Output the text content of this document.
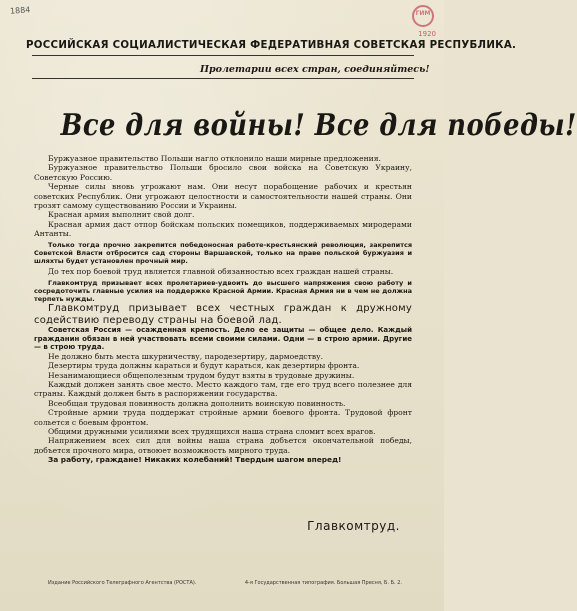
1884	ГИМ
1920
РОССИЙСКАЯ СОЦИАЛИСТИЧЕСКАЯ ФЕДЕРАТИВНАЯ СОВЕТСКАЯ РЕСПУБЛИКА.
Пролетарии всех стран, соединяйтесь!
Все для войны! Все для победы!

Буржуазное правительство Польши нагло отклонило наши мирные предложения.

Буржуазное правительство Польши бросило свои войска на Советскую Украину, Советскую Россию.

Черные силы вновь угрожают нам. Они несут порабощение рабочих и крестьян советских Республик. Они угрожают целостности и самостоятельности нашей страны. Они грозят самому существованию России и Украины.

Красная армия выполнит свой долг.

Красная армия даст отпор бойскам польских помещиков, поддерживаемых миродерами Антанты.

Только тогда прочно закрепится победоносная работе-крестьянский революция, закрепится Советской Власти отбросится сад стороны Варшавской, только на праве польской буржуазия и шляхты будет установлен прочный мир.

До тех пор боевой труд является главной обязанностью всех граждан нашей страны.

Главкомтруд призывает всех пролетариев-удвоить до высшего напряжения свою работу и сосредоточить главные усилия на поддержке Красной Армии. Красная Армия ни в чем не должна терпеть нужды.

Главкомтруд призывает всех честных граждан к дружному содействию переводу страны на боевой лад.

Советская Россия — осажденная крепость. Дело ее защиты — общее дело. Каждый гражданин обязан в ней участвовать всеми своими силами. Одни — в строю армии. Другие — в строю труда.

Не должно быть места шкурничеству, пародезертиру, дармоедству.

Дезертиры труда должны караться и будут караться, как дезертиры фронта.

Незанимающиеся общеполезным трудом будут взяты в трудовые дружины.

Каждый должен занять свое место. Место каждого там, где его труд всего полезнее для страны. Каждый должен быть в распоряжении государства.

Всеобщая трудовая повинность должна дополнить воинскую повинность.

Стройные армии труда поддержат стройные армии боевого фронта. Трудовой фронт сольется с боевым фронтом.

Общими дружными усилиями всех трудящихся наша страна сломит всех врагов.

Напряжением всех сил для войны наша страна добъется окончательной победы, добъется прочного мира, отвоюет возможность мирного труда.

За работу, граждане! Никаких колебаний! Твердым шагом вперед!

Главкомтруд.
Издание Российского Телеграфного Агентства (РОСТА).	4-я Государственная типография. Большая Пресня, Б. Б. 2.
